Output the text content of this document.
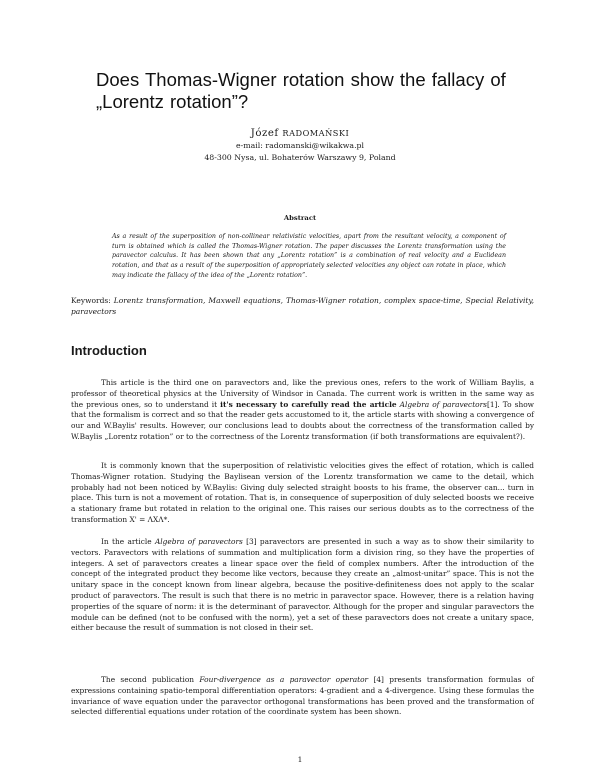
Does Thomas-Wigner rotation show the fallacy of „Lorentz rotation”?
Józef RADOMAŃSKI
e-mail: radomanski@wikakwa.pl
48-300 Nysa, ul. Bohaterów Warszawy 9, Poland
Abstract

As a result of the superposition of non-collinear relativistic velocities, apart from the resultant velocity, a component of turn is obtained which is called the Thomas-Wigner rotation. The paper discusses the Lorentz transformation using the paravector calculus. It has been shown that any „Lorentz rotation” is a combination of real velocity and a Euclidean rotation, and that as a result of the superposition of appropriately selected velocities any object can rotate in place, which may indicate the fallacy of the idea of the „Lorentz rotation”.

Keywords: Lorentz transformation, Maxwell equations, Thomas-Wigner rotation, complex space-time, Special Relativity, paravectors

Introduction

This article is the third one on paravectors and, like the previous ones, refers to the work of William Baylis, a professor of theoretical physics at the University of Windsor in Canada. The current work is written in the same way as the previous ones, so to understand it it's necessary to carefully read the article Algebra of paravectors[1]. To show that the formalism is correct and so that the reader gets accustomed to it, the article starts with showing a convergence of our and W.Baylis' results. However, our conclusions lead to doubts about the correctness of the transformation called by W.Baylis „Lorentz rotation” or to the correctness of the Lorentz transformation (if both transformations are equivalent?).

It is commonly known that the superposition of relativistic velocities gives the effect of rotation, which is called Thomas-Wigner rotation. Studying the Baylisean version of the Lorentz transformation we came to the detail, which probably had not been noticed by W.Baylis: Giving duly selected straight boosts to his frame, the observer can... turn in place. This turn is not a movement of rotation. That is, in consequence of superposition of duly selected boosts we receive a stationary frame but rotated in relation to the original one. This raises our serious doubts as to the correctness of the transformation X' = ΛXΛ*.

In the article Algebra of paravectors [3] paravectors are presented in such a way as to show their similarity to vectors. Paravectors with relations of summation and multiplication form a division ring, so they have the properties of integers. A set of paravectors creates a linear space over the field of complex numbers. After the introduction of the concept of the integrated product they become like vectors, because they create an „almost-unitar” space. This is not the unitary space in the concept known from linear algebra, because the positive-definiteness does not apply to the scalar product of paravectors. The result is such that there is no metric in paravector space. However, there is a relation having properties of the square of norm: it is the determinant of paravector. Although for the proper and singular paravectors the module can be defined (not to be confused with the norm), yet a set of these paravectors does not create a unitary space, either because the result of summation is not closed in their set.

The second publication Four-divergence as a paravector operator [4] presents transformation formulas of expressions containing spatio-temporal differentiation operators: 4-gradient and a 4-divergence. Using these formulas the invariance of wave equation under the paravector orthogonal transformations has been proved and the transformation of selected differential equations under rotation of the coordinate system has been shown.

1
